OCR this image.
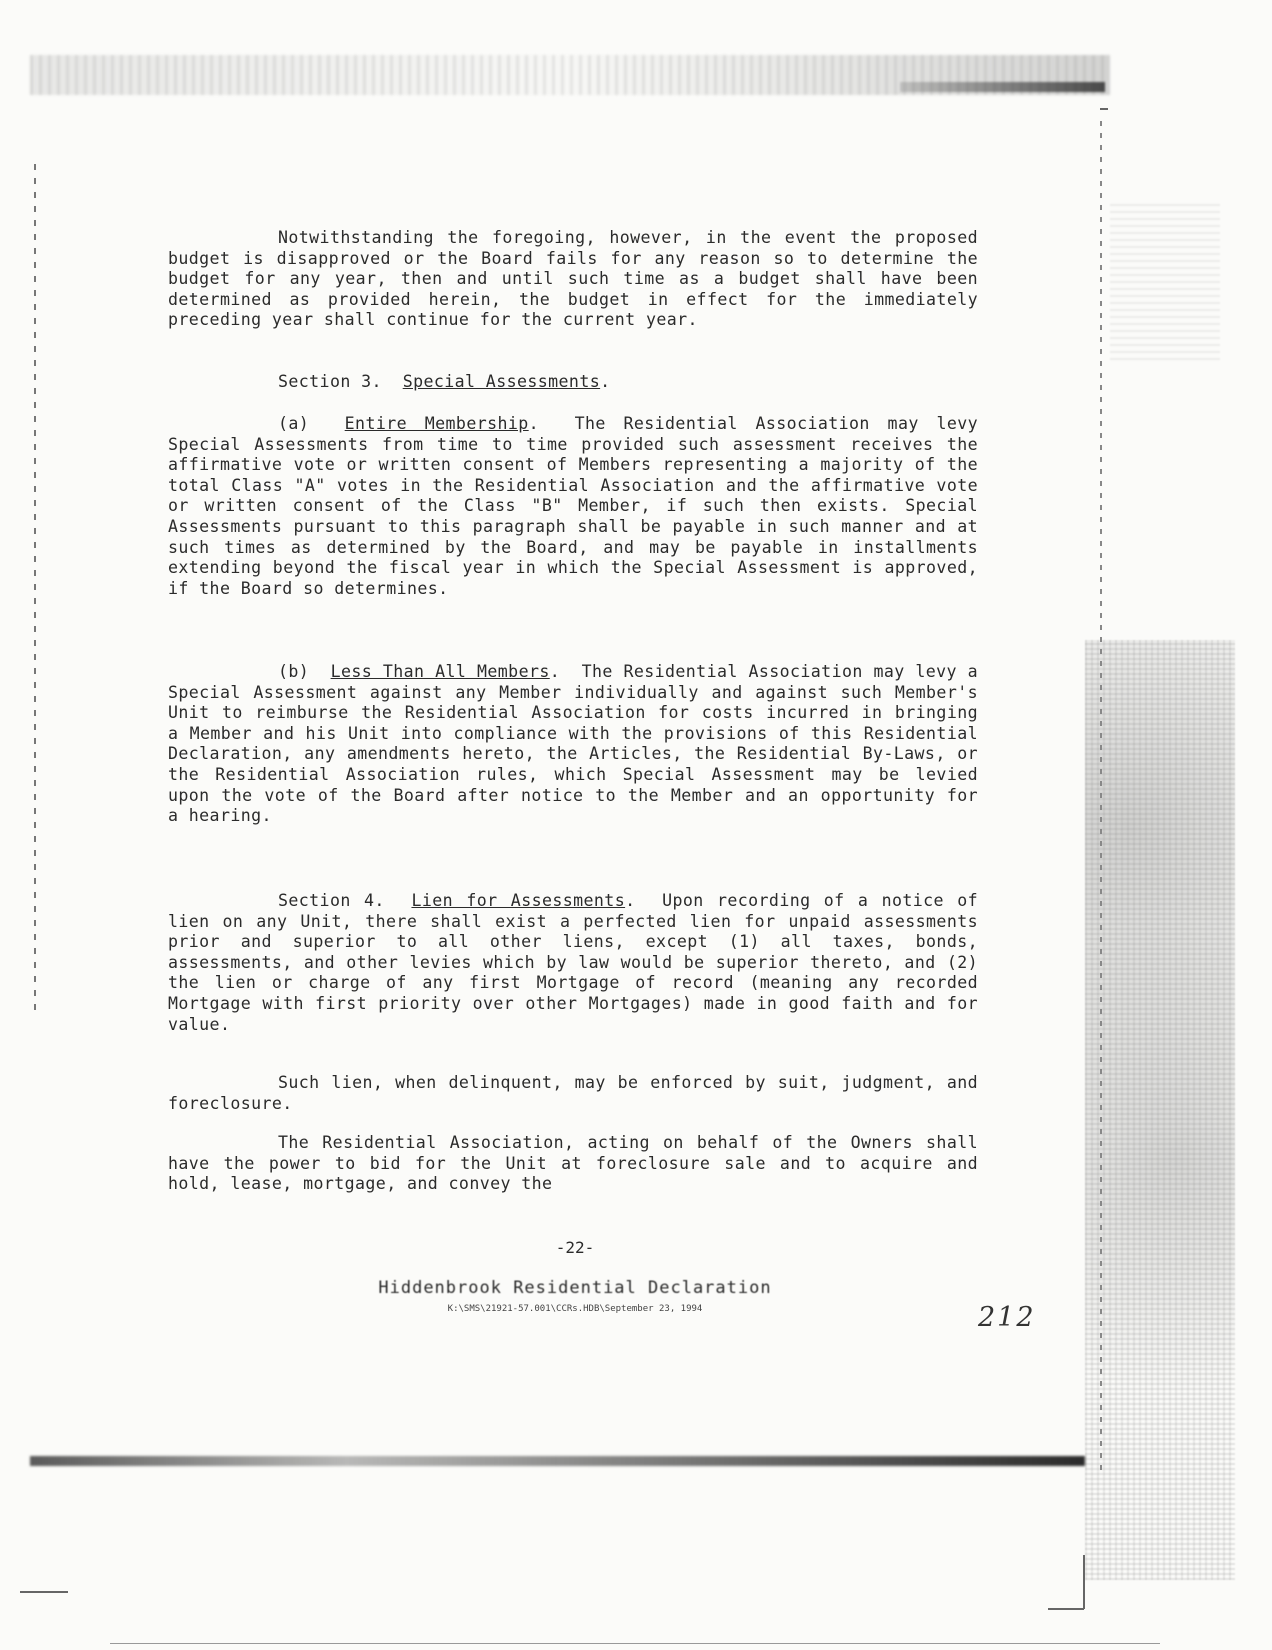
Notwithstanding the foregoing, however, in the event the proposed budget is disapproved or the Board fails for any reason so to determine the budget for any year, then and until such time as a budget shall have been determined as provided herein, the budget in effect for the immediately preceding year shall continue for the current year.

Section 3. Special Assessments.

(a) Entire Membership.  The Residential Association may levy Special Assessments from time to time provided such assessment receives the affirmative vote or written consent of Members representing a majority of the total Class "A" votes in the Residential Association and the affirmative vote or written consent of the Class "B" Member, if such then exists. Special Assessments pursuant to this paragraph shall be payable in such manner and at such times as determined by the Board, and may be payable in installments extending beyond the fiscal year in which the Special Assessment is approved, if the Board so determines.

(b) Less Than All Members.  The Residential Association may levy a Special Assessment against any Member individually and against such Member's Unit to reimburse the Residential Association for costs incurred in bringing a Member and his Unit into compliance with the provisions of this Residential Declaration, any amendments hereto, the Articles, the Residential By-Laws, or the Residential Association rules, which Special Assessment may be levied upon the vote of the Board after notice to the Member and an opportunity for a hearing.

Section 4. Lien for Assessments.  Upon recording of a notice of lien on any Unit, there shall exist a perfected lien for unpaid assessments prior and superior to all other liens, except (1) all taxes, bonds, assessments, and other levies which by law would be superior thereto, and (2) the lien or charge of any first Mortgage of record (meaning any recorded Mortgage with first priority over other Mortgages) made in good faith and for value.

Such lien, when delinquent, may be enforced by suit, judgment, and foreclosure.

The Residential Association, acting on behalf of the Owners shall have the power to bid for the Unit at foreclosure sale and to acquire and hold, lease, mortgage, and convey the

-22-
Hiddenbrook Residential Declaration
K:\SMS\21921-57.001\CCRs.HDB\September 23, 1994	212
